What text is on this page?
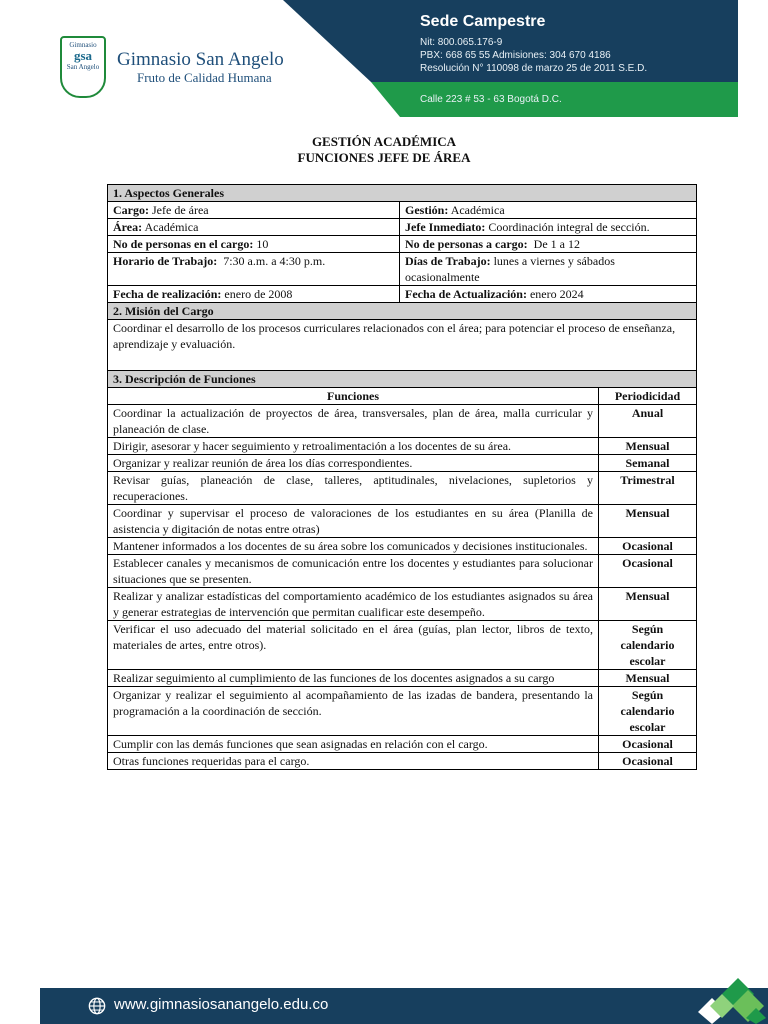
Gimnasio
gsa
San Angelo Gimnasio San Angelo
Fruto de Calidad Humana
Sede Campestre
Nit: 800.065.176-9
PBX: 668 65 55 Admisiones: 304 670 4186
Resolución N° 110098 de marzo 25 de 2011 S.E.D.
Calle 223 # 53 - 63 Bogotá D.C.
GESTIÓN ACADÉMICA
FUNCIONES JEFE DE ÁREA
1. Aspectos Generales		
Cargo: Jefe de área	Gestión: Académica	
Área: Académica	Jefe Inmediato: Coordinación integral de sección.	
No de personas en el cargo: 10	No de personas a cargo: De 1 a 12	
Horario de Trabajo: 7:30 a.m. a 4:30 p.m.	Días de Trabajo: lunes a viernes y sábados ocasionalmente	
Fecha de realización: enero de 2008	Fecha de Actualización: enero 2024	
2. Misión del Cargo		
Coordinar el desarrollo de los procesos curriculares relacionados con el área; para potenciar el proceso de enseñanza, aprendizaje y evaluación.		
3. Descripción de Funciones		
Funciones		Periodicidad
Coordinar la actualización de proyectos de área, transversales, plan de área, malla curricular y planeación de clase.		Anual
Dirigir, asesorar y hacer seguimiento y retroalimentación a los docentes de su área.		Mensual
Organizar y realizar reunión de área los días correspondientes.		Semanal
Revisar guías, planeación de clase, talleres, aptitudinales, nivelaciones, supletorios y recuperaciones.		Trimestral
Coordinar y supervisar el proceso de valoraciones de los estudiantes en su área (Planilla de asistencia y digitación de notas entre otras)		Mensual
Mantener informados a los docentes de su área sobre los comunicados y decisiones institucionales.		Ocasional
Establecer canales y mecanismos de comunicación entre los docentes y estudiantes para solucionar situaciones que se presenten.		Ocasional
Realizar y analizar estadísticas del comportamiento académico de los estudiantes asignados su área y generar estrategias de intervención que permitan cualificar este desempeño.		Mensual
Verificar el uso adecuado del material solicitado en el área (guías, plan lector, libros de texto, materiales de artes, entre otros).		Según calendario escolar
Realizar seguimiento al cumplimiento de las funciones de los docentes asignados a su cargo		Mensual
Organizar y realizar el seguimiento al acompañamiento de las izadas de bandera, presentando la programación a la coordinación de sección.		Según calendario escolar
Cumplir con las demás funciones que sean asignadas en relación con el cargo.		Ocasional
Otras funciones requeridas para el cargo.		Ocasional
www.gimnasiosanangelo.edu.co
